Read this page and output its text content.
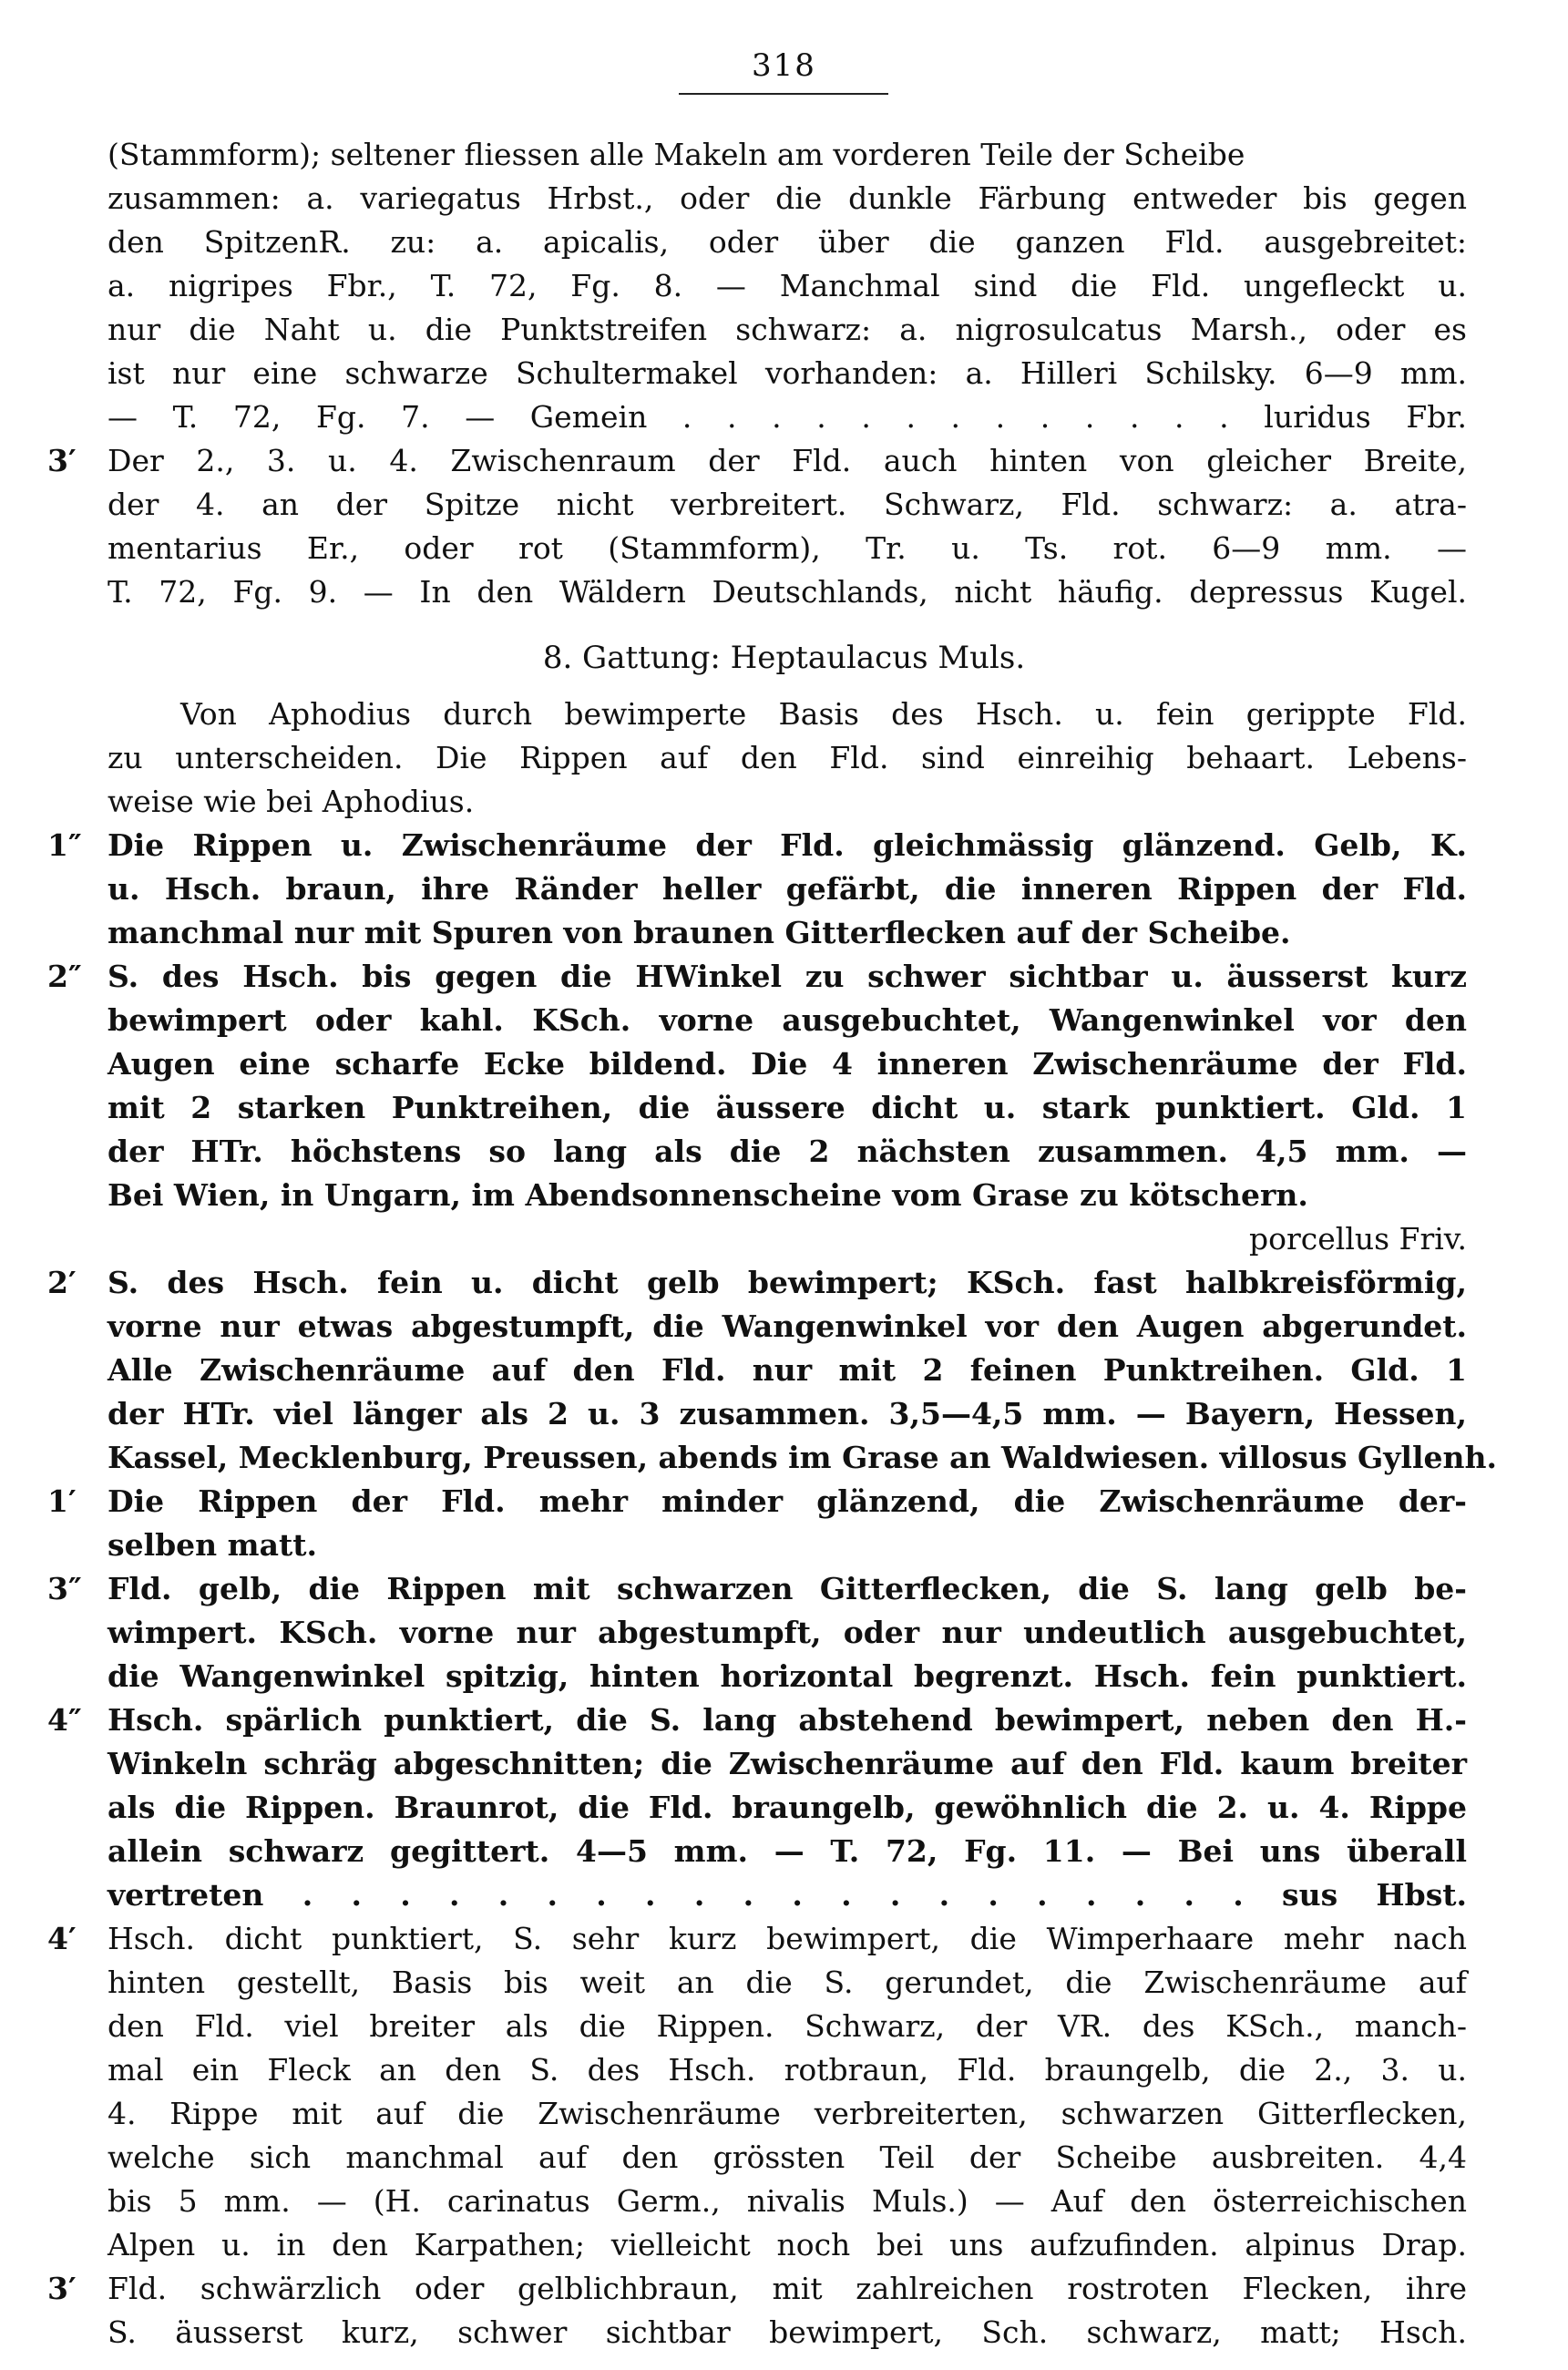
318
(Stammform); seltener fliessen alle Makeln am vorderen Teile der Scheibe
zusammen: a. variegatus Hrbst., oder die dunkle Färbung entweder bis gegen
den SpitzenR. zu: a. apicalis, oder über die ganzen Fld. ausgebreitet:
a. nigripes Fbr., T. 72, Fg. 8. — Manchmal sind die Fld. ungefleckt u.
nur die Naht u. die Punktstreifen schwarz: a. nigrosulcatus Marsh., oder es
ist nur eine schwarze Schultermakel vorhanden: a. Hilleri Schilsky. 6—9 mm.
— T. 72, Fg. 7. — Gemein . . . . . . . . . . . . . luridus Fbr.
3′	Der 2., 3. u. 4. Zwischenraum der Fld. auch hinten von gleicher Breite,
der 4. an der Spitze nicht verbreitert. Schwarz, Fld. schwarz: a. atra-
mentarius Er., oder rot (Stammform), Tr. u. Ts. rot. 6—9 mm. —
T. 72, Fg. 9. — In den Wäldern Deutschlands, nicht häufig. depressus Kugel.
8. Gattung: Heptaulacus Muls.
Von Aphodius durch bewimperte Basis des Hsch. u. fein gerippte Fld.
zu unterscheiden. Die Rippen auf den Fld. sind einreihig behaart. Lebens-
weise wie bei Aphodius.
1″ Die Rippen u. Zwischenräume der Fld. gleichmässig glänzend. Gelb, K.
u. Hsch. braun, ihre Ränder heller gefärbt, die inneren Rippen der Fld.
manchmal nur mit Spuren von braunen Gitterflecken auf der Scheibe.
2″ S. des Hsch. bis gegen die HWinkel zu schwer sichtbar u. äusserst kurz
bewimpert oder kahl. KSch. vorne ausgebuchtet, Wangenwinkel vor den
Augen eine scharfe Ecke bildend. Die 4 inneren Zwischenräume der Fld.
mit 2 starken Punktreihen, die äussere dicht u. stark punktiert. Gld. 1
der HTr. höchstens so lang als die 2 nächsten zusammen. 4,5 mm. —
Bei Wien, in Ungarn, im Abendsonnenscheine vom Grase zu kötschern.
porcellus Friv.
2′	S. des Hsch. fein u. dicht gelb bewimpert; KSch. fast halbkreisförmig,
vorne nur etwas abgestumpft, die Wangenwinkel vor den Augen abgerundet.
Alle Zwischenräume auf den Fld. nur mit 2 feinen Punktreihen. Gld. 1
der HTr. viel länger als 2 u. 3 zusammen. 3,5—4,5 mm. — Bayern, Hessen,
Kassel, Mecklenburg, Preussen, abends im Grase an Waldwiesen. villosus Gyllenh.
1′	Die Rippen der Fld. mehr minder glänzend, die Zwischenräume der-
selben matt.
3″ Fld. gelb, die Rippen mit schwarzen Gitterflecken, die S. lang gelb be-
wimpert. KSch. vorne nur abgestumpft, oder nur undeutlich ausgebuchtet,
die Wangenwinkel spitzig, hinten horizontal begrenzt. Hsch. fein punktiert.
4″ Hsch. spärlich punktiert, die S. lang abstehend bewimpert, neben den H.-
Winkeln schräg abgeschnitten; die Zwischenräume auf den Fld. kaum breiter
als die Rippen. Braunrot, die Fld. braungelb, gewöhnlich die 2. u. 4. Rippe
allein schwarz gegittert. 4—5 mm. — T. 72, Fg. 11. — Bei uns überall
vertreten . . . . . . . . . . . . . . . . . . . . sus Hbst.
4′	Hsch. dicht punktiert, S. sehr kurz bewimpert, die Wimperhaare mehr nach
hinten gestellt, Basis bis weit an die S. gerundet, die Zwischenräume auf
den Fld. viel breiter als die Rippen. Schwarz, der VR. des KSch., manch-
mal ein Fleck an den S. des Hsch. rotbraun, Fld. braungelb, die 2., 3. u.
4. Rippe mit auf die Zwischenräume verbreiterten, schwarzen Gitterflecken,
welche sich manchmal auf den grössten Teil der Scheibe ausbreiten. 4,4
bis 5 mm. — (H. carinatus Germ., nivalis Muls.) — Auf den österreichischen
Alpen u. in den Karpathen; vielleicht noch bei uns aufzufinden. alpinus Drap.
3′	Fld. schwärzlich oder gelblichbraun, mit zahlreichen rostroten Flecken, ihre
S. äusserst kurz, schwer sichtbar bewimpert, Sch. schwarz, matt; Hsch.
